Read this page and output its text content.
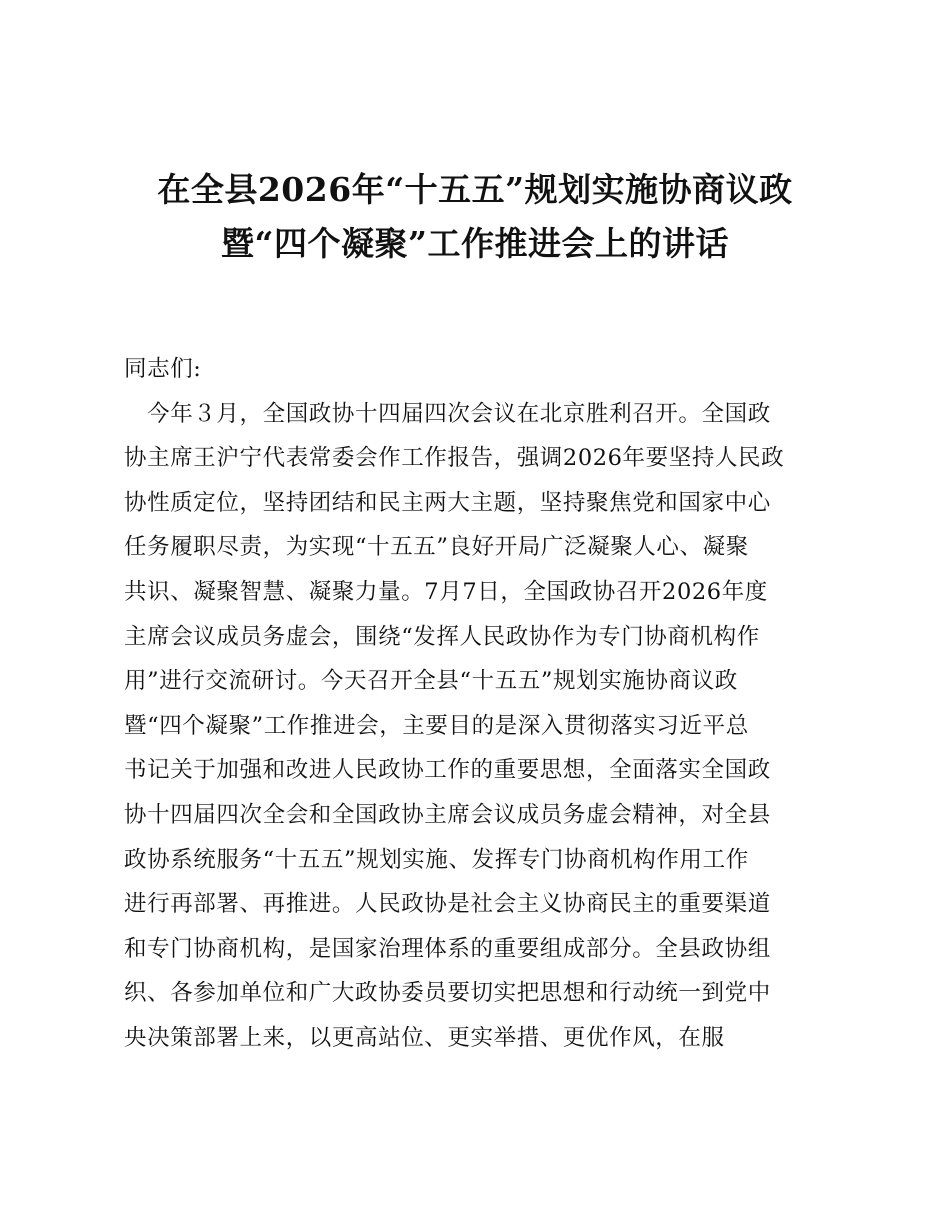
在全县2026年“十五五”规划实施协商议政
暨“四个凝聚”工作推进会上的讲话
同志们:
　今年３月，全国政协十四届四次会议在北京胜利召开。全国政
协主席王沪宁代表常委会作工作报告，强调2026年要坚持人民政
协性质定位，坚持团结和民主两大主题，坚持聚焦党和国家中心
任务履职尽责，为实现“十五五”良好开局广泛凝聚人心、凝聚
共识、凝聚智慧、凝聚力量。7月7日，全国政协召开2026年度
主席会议成员务虚会，围绕“发挥人民政协作为专门协商机构作
用”进行交流研讨。今天召开全县“十五五”规划实施协商议政
暨“四个凝聚”工作推进会，主要目的是深入贯彻落实习近平总
书记关于加强和改进人民政协工作的重要思想，全面落实全国政
协十四届四次全会和全国政协主席会议成员务虚会精神，对全县
政协系统服务“十五五”规划实施、发挥专门协商机构作用工作
进行再部署、再推进。人民政协是社会主义协商民主的重要渠道
和专门协商机构，是国家治理体系的重要组成部分。全县政协组
织、各参加单位和广大政协委员要切实把思想和行动统一到党中
央决策部署上来，以更高站位、更实举措、更优作风，在服
